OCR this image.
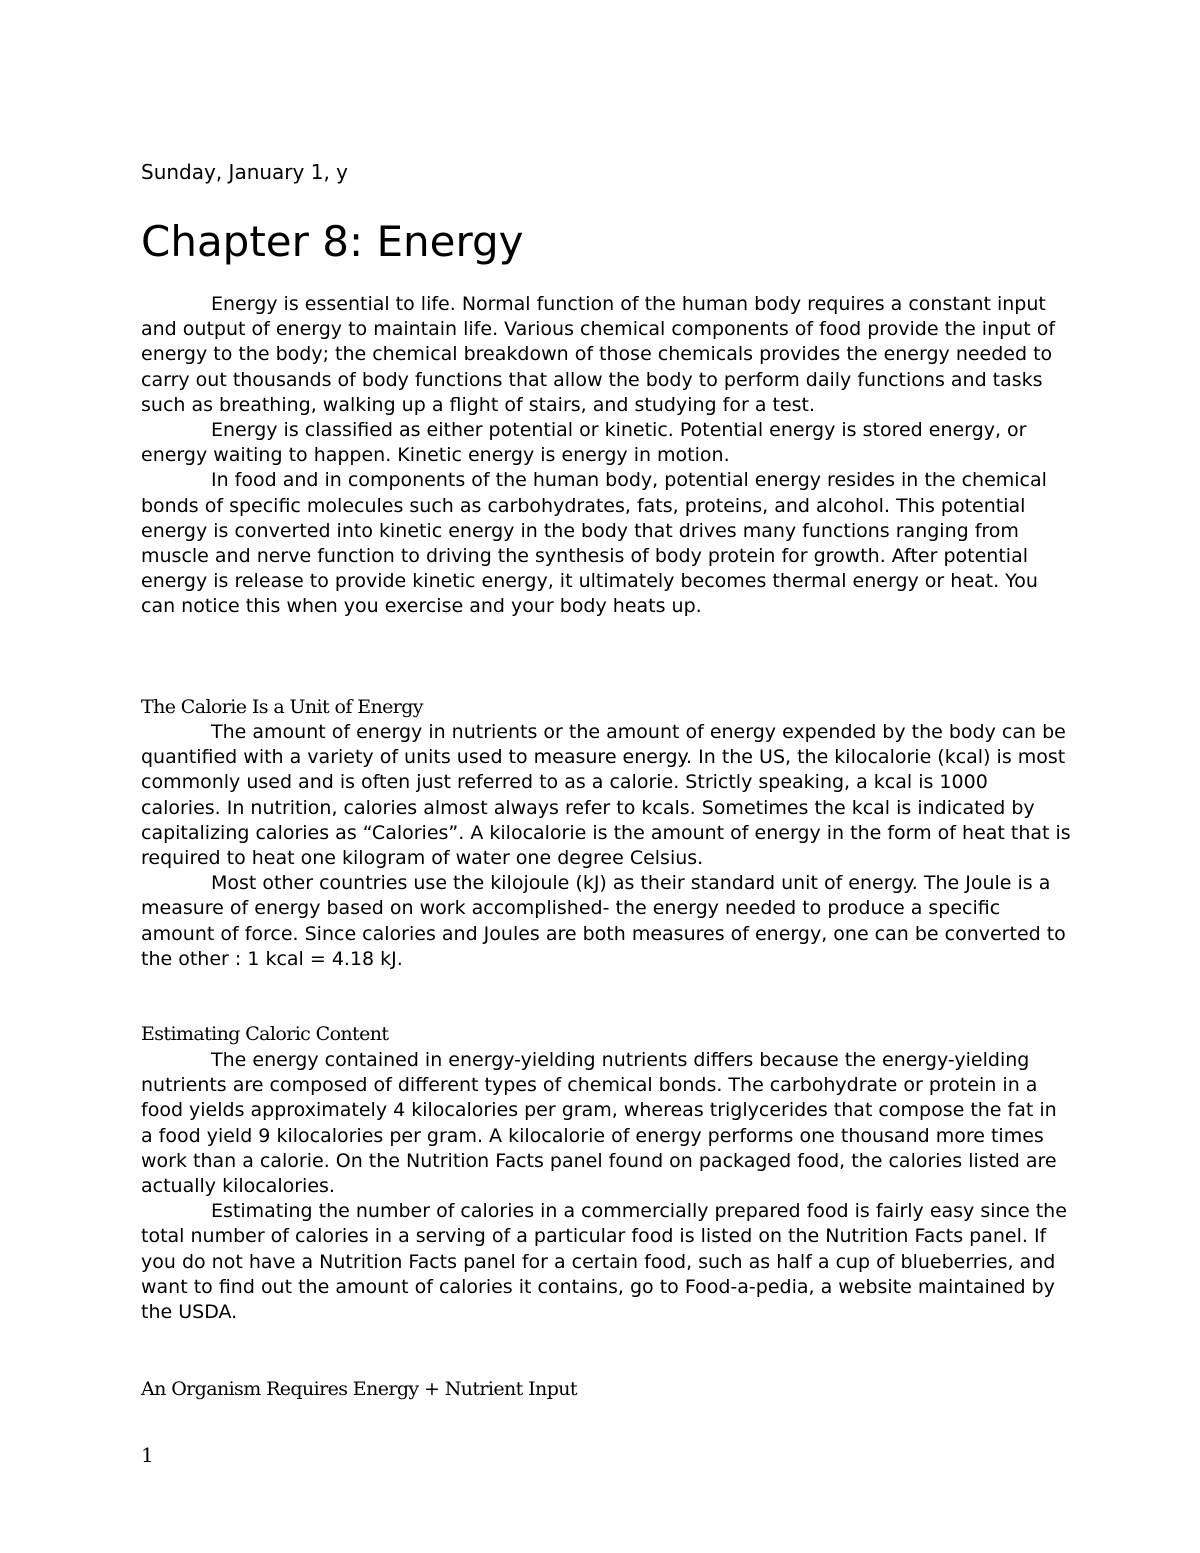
Sunday, January 1, y
Chapter 8: Energy

Energy is essential to life. Normal function of the human body requires a constant input and output of energy to maintain life. Various chemical components of food provide the input of energy to the body; the chemical breakdown of those chemicals provides the energy needed to carry out thousands of body functions that allow the body to perform daily functions and tasks such as breathing, walking up a flight of stairs, and studying for a test.

Energy is classified as either potential or kinetic. Potential energy is stored energy, or energy waiting to happen. Kinetic energy is energy in motion.

In food and in components of the human body, potential energy resides in the chemical bonds of specific molecules such as carbohydrates, fats, proteins, and alcohol. This potential energy is converted into kinetic energy in the body that drives many functions ranging from muscle and nerve function to driving the synthesis of body protein for growth. After potential energy is release to provide kinetic energy, it ultimately becomes thermal energy or heat. You can notice this when you exercise and your body heats up.

The Calorie Is a Unit of Energy

The amount of energy in nutrients or the amount of energy expended by the body can be quantified with a variety of units used to measure energy. In the US, the kilocalorie (kcal) is most commonly used and is often just referred to as a calorie. Strictly speaking, a kcal is 1000 calories. In nutrition, calories almost always refer to kcals. Sometimes the kcal is indicated by capitalizing calories as “Calories”. A kilocalorie is the amount of energy in the form of heat that is required to heat one kilogram of water one degree Celsius.

Most other countries use the kilojoule (kJ) as their standard unit of energy. The Joule is a measure of energy based on work accomplished- the energy needed to produce a specific amount of force. Since calories and Joules are both measures of energy, one can be converted to the other : 1 kcal = 4.18 kJ.

Estimating Caloric Content

The energy contained in energy-yielding nutrients differs because the energy-yielding nutrients are composed of different types of chemical bonds. The carbohydrate or protein in a food yields approximately 4 kilocalories per gram, whereas triglycerides that compose the fat in a food yield 9 kilocalories per gram. A kilocalorie of energy performs one thousand more times work than a calorie. On the Nutrition Facts panel found on packaged food, the calories listed are actually kilocalories.

Estimating the number of calories in a commercially prepared food is fairly easy since the total number of calories in a serving of a particular food is listed on the Nutrition Facts panel. If you do not have a Nutrition Facts panel for a certain food, such as half a cup of blueberries, and want to find out the amount of calories it contains, go to Food-a-pedia, a website maintained by the USDA.

An Organism Requires Energy + Nutrient Input
1
